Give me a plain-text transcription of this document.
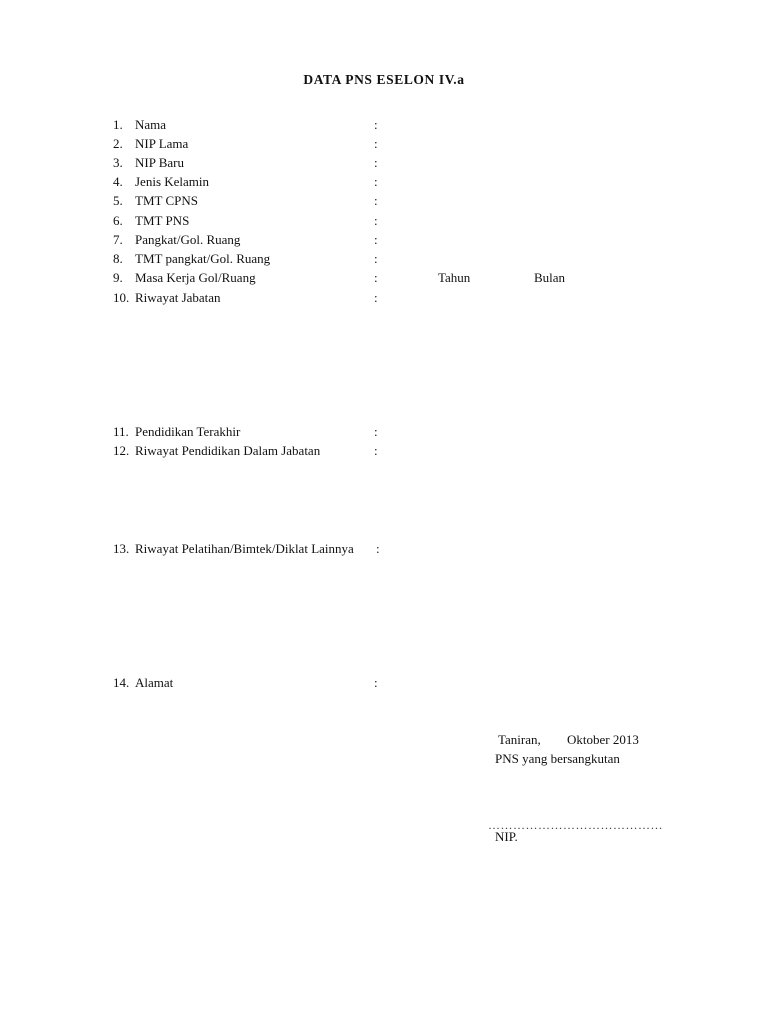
DATA PNS ESELON IV.a
1. Nama	:
2. NIP Lama	:
3. NIP Baru	:
4. Jenis Kelamin	:
5. TMT CPNS	:
6. TMT PNS	:
7. Pangkat/Gol. Ruang	:
8. TMT pangkat/Gol. Ruang	:
9. Masa Kerja Gol/Ruang	:	Tahun	Bulan
10. Riwayat Jabatan	:
11. Pendidikan Terakhir	:
12. Riwayat Pendidikan Dalam Jabatan	:
13. Riwayat Pelatihan/Bimtek/Diklat Lainnya :
14. Alamat	:
Taniran, Oktober 2013
PNS yang bersangkutan
……………………………………
NIP.
